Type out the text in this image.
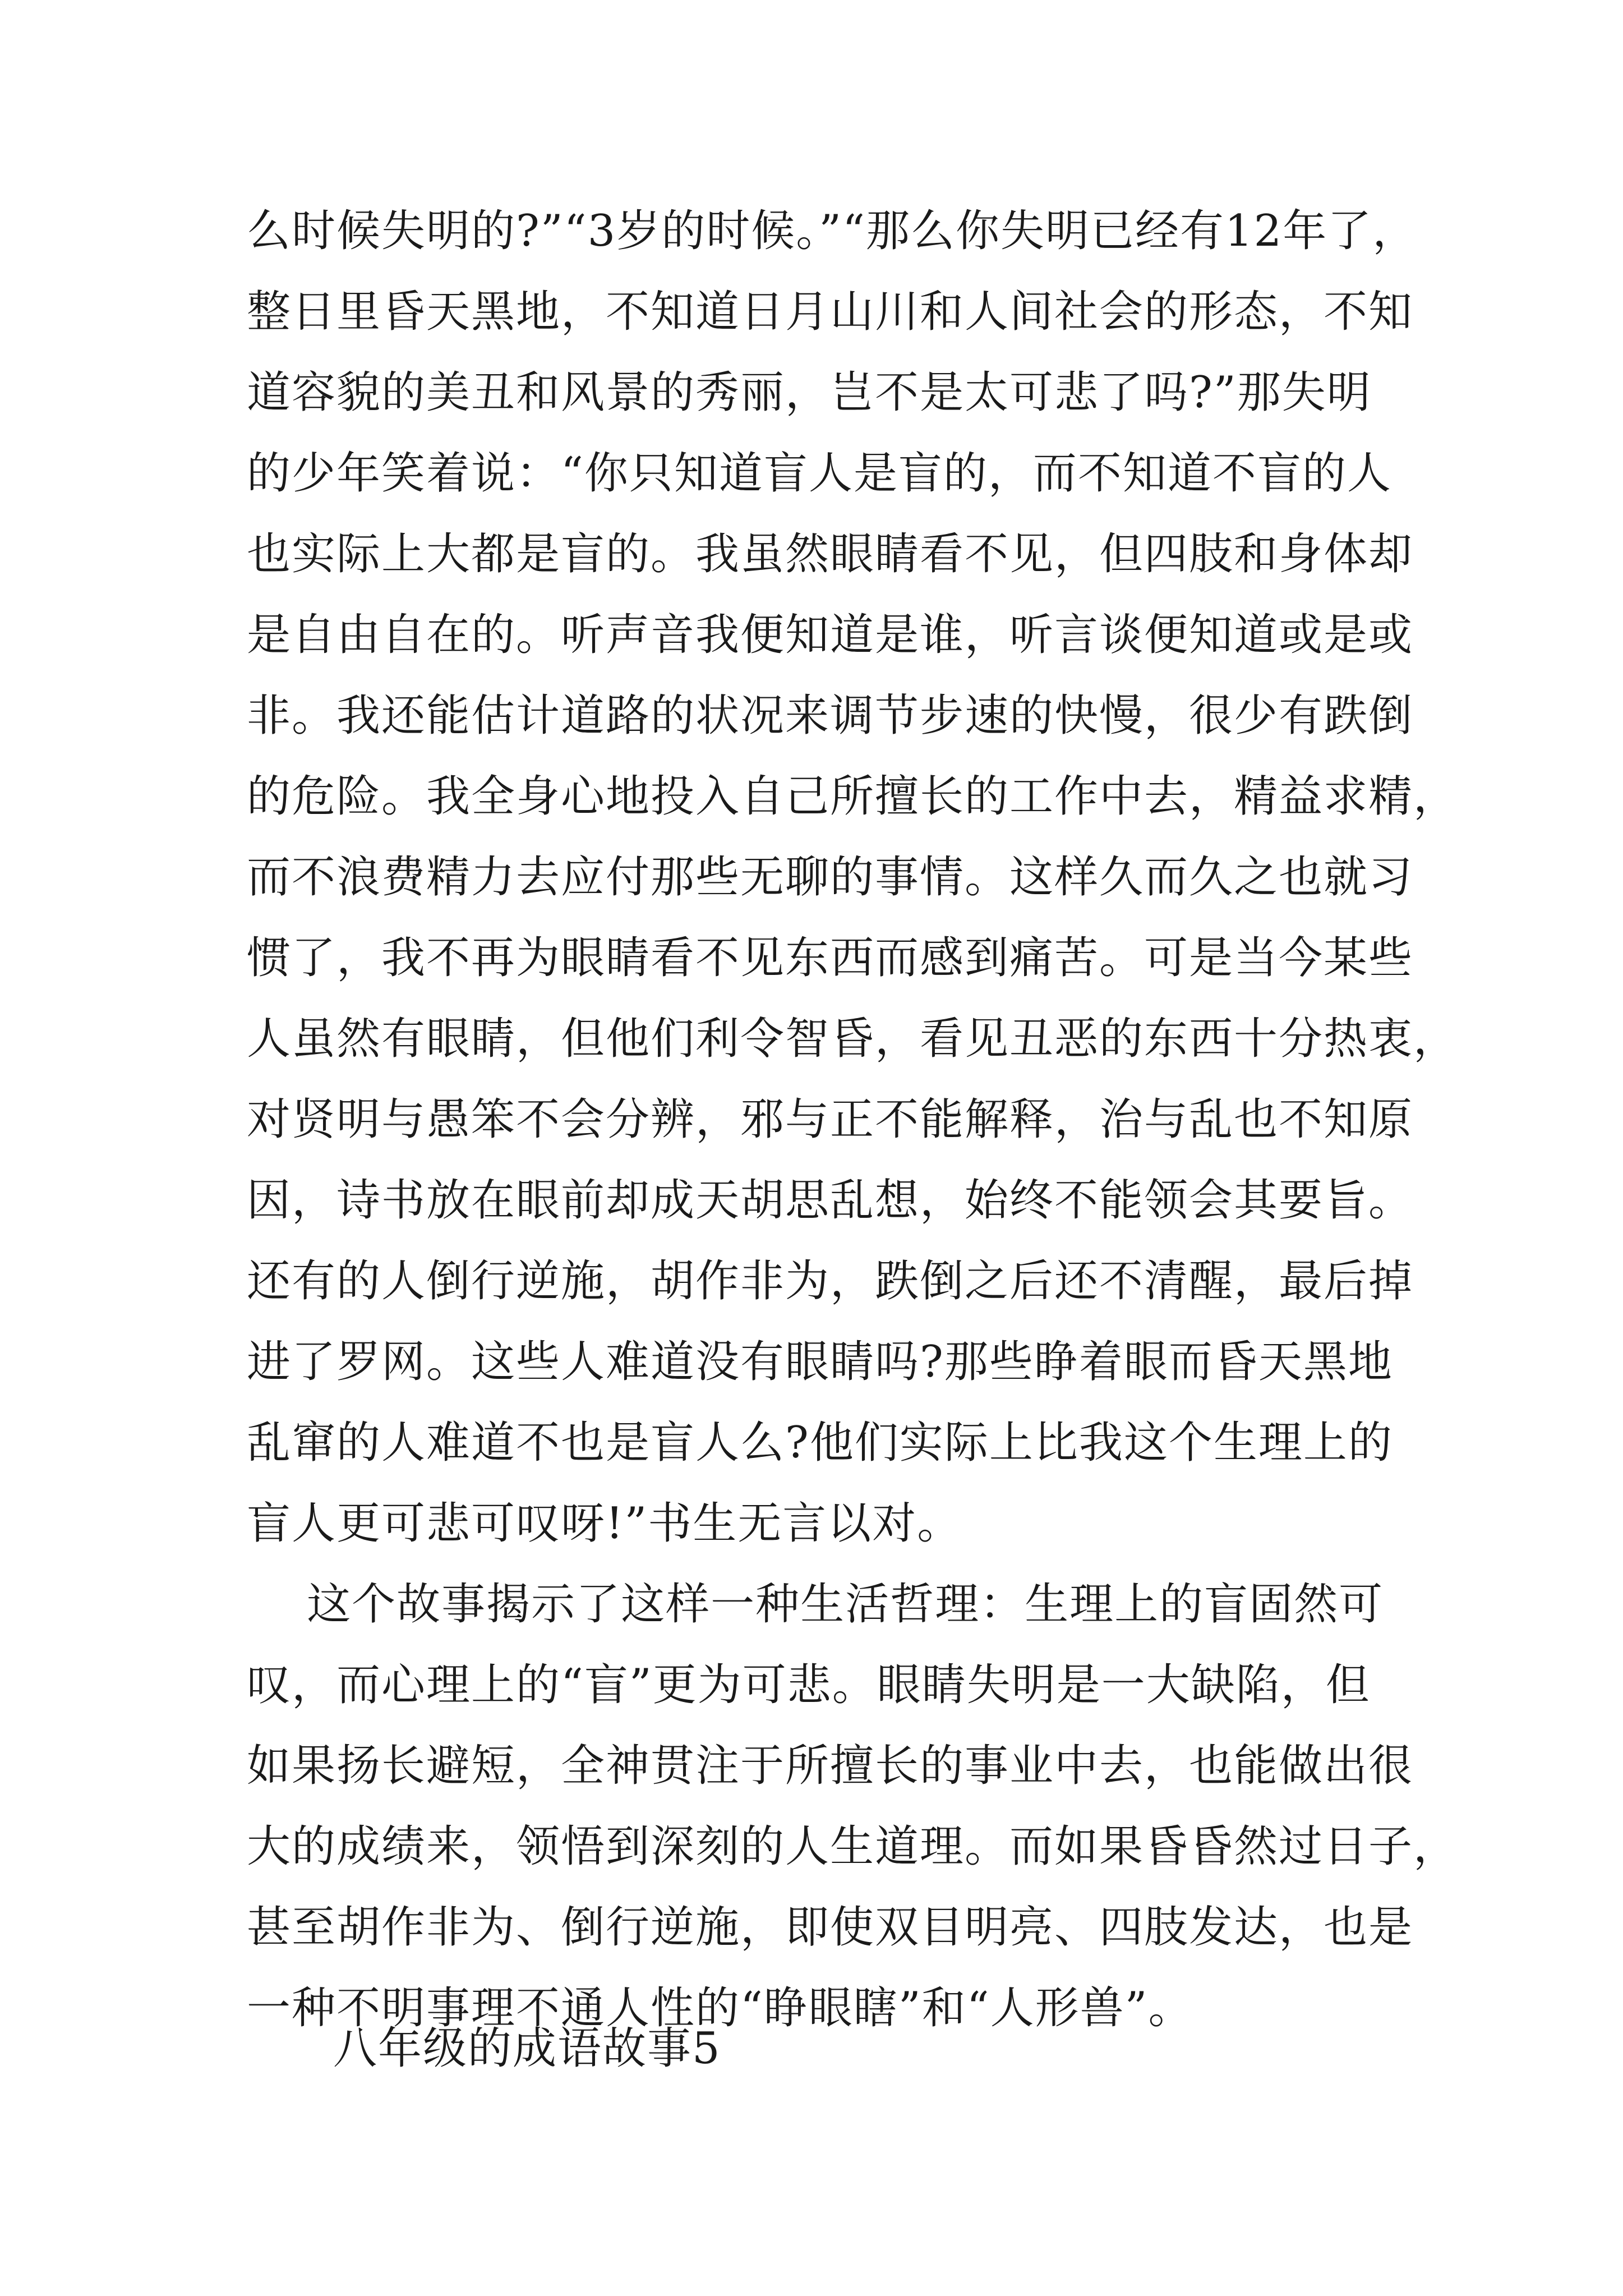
么时候失明的?”“3岁的时候。”“那么你失明已经有12年了，
整日里昏天黑地，不知道日月山川和人间社会的形态，不知
道容貌的美丑和风景的秀丽，岂不是太可悲了吗?”那失明
的少年笑着说：“你只知道盲人是盲的，而不知道不盲的人
也实际上大都是盲的。我虽然眼睛看不见，但四肢和身体却
是自由自在的。听声音我便知道是谁，听言谈便知道或是或
非。我还能估计道路的状况来调节步速的快慢，很少有跌倒
的危险。我全身心地投入自己所擅长的工作中去，精益求精，
而不浪费精力去应付那些无聊的事情。这样久而久之也就习
惯了，我不再为眼睛看不见东西而感到痛苦。可是当今某些
人虽然有眼睛，但他们利令智昏，看见丑恶的东西十分热衷，
对贤明与愚笨不会分辨，邪与正不能解释，治与乱也不知原
因，诗书放在眼前却成天胡思乱想，始终不能领会其要旨。
还有的人倒行逆施，胡作非为，跌倒之后还不清醒，最后掉
进了罗网。这些人难道没有眼睛吗?那些睁着眼而昏天黑地
乱窜的人难道不也是盲人么?他们实际上比我这个生理上的
盲人更可悲可叹呀!”书生无言以对。
这个故事揭示了这样一种生活哲理：生理上的盲固然可
叹，而心理上的“盲”更为可悲。眼睛失明是一大缺陷，但
如果扬长避短，全神贯注于所擅长的事业中去，也能做出很
大的成绩来，领悟到深刻的人生道理。而如果昏昏然过日子，
甚至胡作非为、倒行逆施，即使双目明亮、四肢发达，也是
一种不明事理不通人性的“睁眼瞎”和“人形兽”。
八年级的成语故事5
